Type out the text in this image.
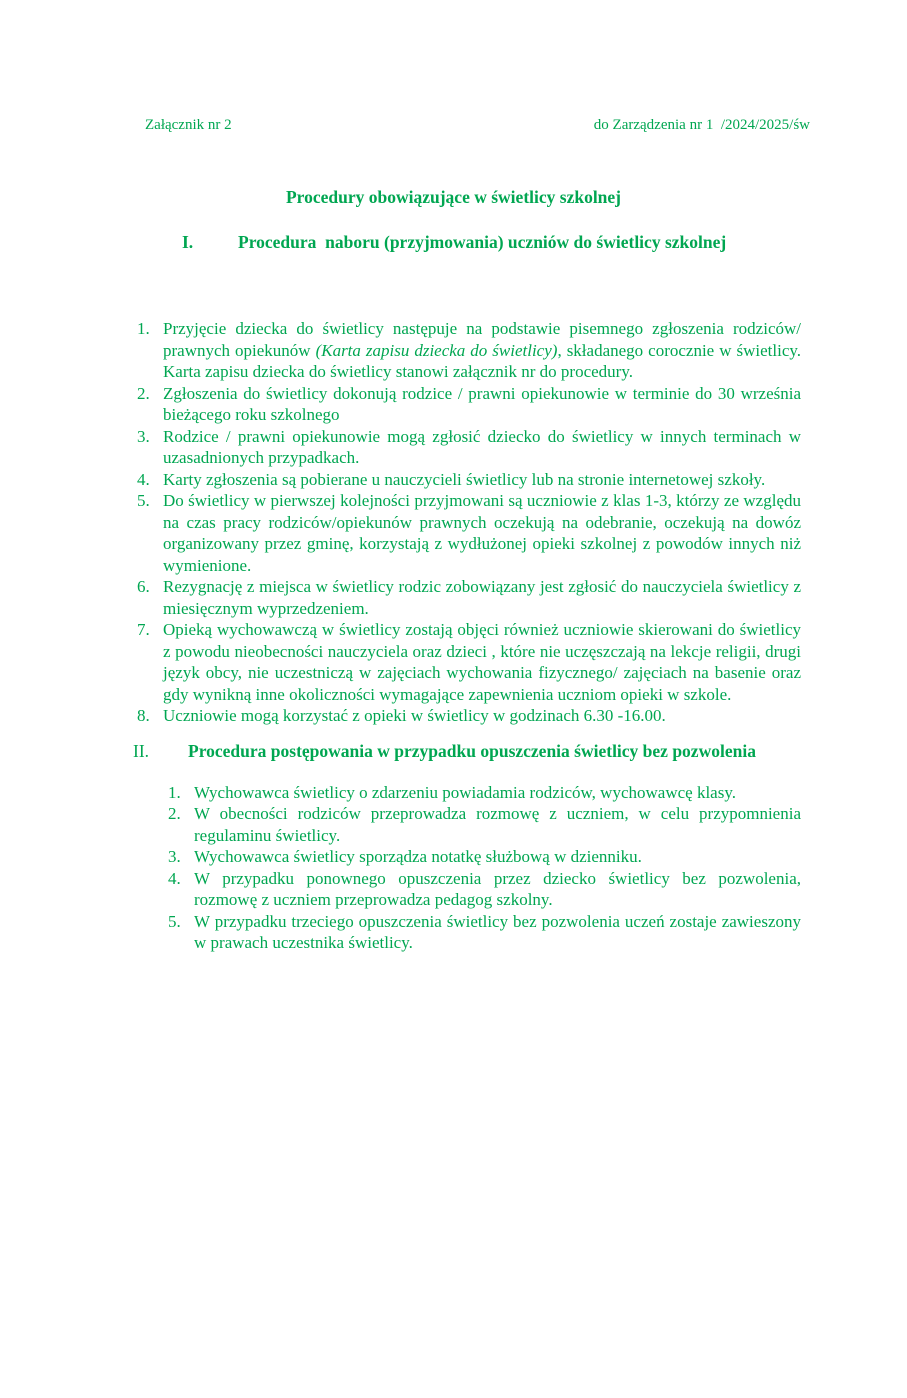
Załącznik nr 2	do Zarządzenia nr 1  /2024/2025/św
Procedury obowiązujące w świetlicy szkolnej
I.	Procedura  naboru (przyjmowania) uczniów do świetlicy szkolnej
1. Przyjęcie dziecka do świetlicy następuje na podstawie pisemnego zgłoszenia rodziców/ prawnych opiekunów (Karta zapisu dziecka do świetlicy), składanego corocznie w świetlicy. Karta zapisu dziecka do świetlicy stanowi załącznik nr do procedury.
2. Zgłoszenia do świetlicy dokonują rodzice / prawni opiekunowie w terminie do 30 września bieżącego roku szkolnego
3. Rodzice / prawni opiekunowie mogą zgłosić dziecko do świetlicy w innych terminach w uzasadnionych przypadkach.
4. Karty zgłoszenia są pobierane u nauczycieli świetlicy lub na stronie internetowej szkoły.
5. Do świetlicy w pierwszej kolejności przyjmowani są uczniowie z klas 1-3, którzy ze względu na czas pracy rodziców/opiekunów prawnych oczekują na odebranie, oczekują na dowóz organizowany przez gminę, korzystają z wydłużonej opieki szkolnej z powodów innych niż wymienione.
6. Rezygnację z miejsca w świetlicy rodzic zobowiązany jest zgłosić do nauczyciela świetlicy z miesięcznym wyprzedzeniem.
7. Opieką wychowawczą w świetlicy zostają objęci również uczniowie skierowani do świetlicy z powodu nieobecności nauczyciela oraz dzieci , które nie uczęszczają na lekcje religii, drugi język obcy, nie uczestniczą w zajęciach wychowania fizycznego/ zajęciach na basenie oraz gdy wynikną inne okoliczności wymagające zapewnienia uczniom opieki w szkole.
8. Uczniowie mogą korzystać z opieki w świetlicy w godzinach 6.30 -16.00.
II.	Procedura postępowania w przypadku opuszczenia świetlicy bez pozwolenia
1. Wychowawca świetlicy o zdarzeniu powiadamia rodziców, wychowawcę klasy.
2. W obecności rodziców przeprowadza rozmowę z uczniem, w celu przypomnienia regulaminu świetlicy.
3. Wychowawca świetlicy sporządza notatkę służbową w dzienniku.
4. W przypadku ponownego opuszczenia przez dziecko świetlicy bez pozwolenia, rozmowę z uczniem przeprowadza pedagog szkolny.
5. W przypadku trzeciego opuszczenia świetlicy bez pozwolenia uczeń zostaje zawieszony w prawach uczestnika świetlicy.
